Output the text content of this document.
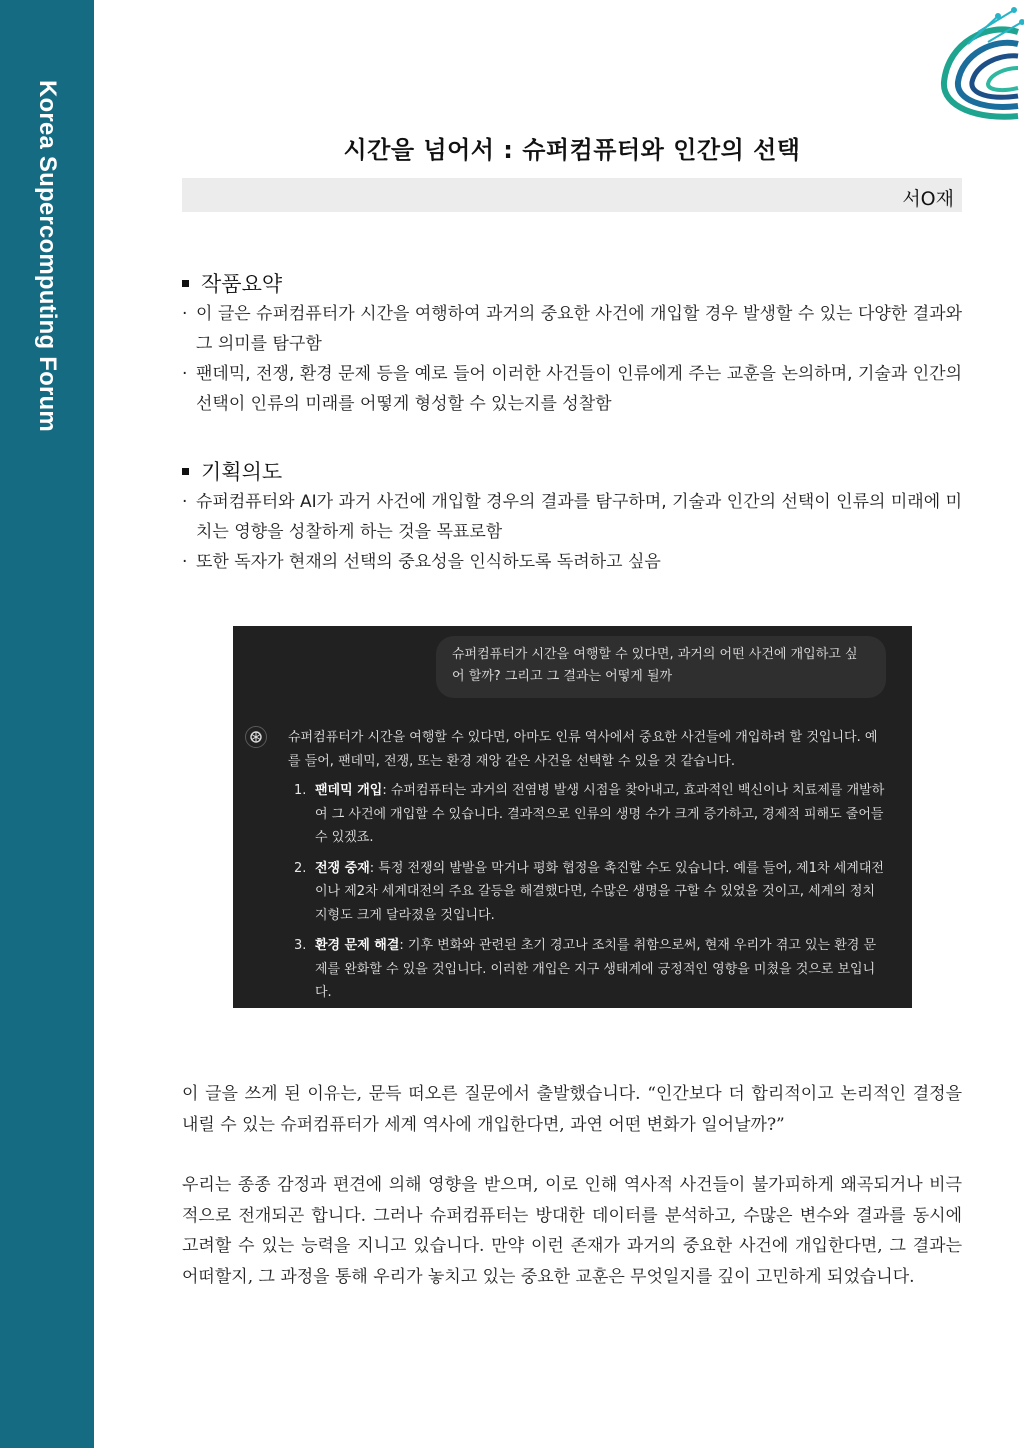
Korea Supercomputing Forum	시간을 넘어서 : 슈퍼컴퓨터와 인간의 선택
서O재
작품요약
· 이 글은 슈퍼컴퓨터가 시간을 여행하여 과거의 중요한 사건에 개입할 경우 발생할 수 있는 다양한 결과와 그 의미를 탐구함
· 팬데믹, 전쟁, 환경 문제 등을 예로 들어 이러한 사건들이 인류에게 주는 교훈을 논의하며, 기술과 인간의 선택이 인류의 미래를 어떻게 형성할 수 있는지를 성찰함
기획의도
· 슈퍼컴퓨터와 AI가 과거 사건에 개입할 경우의 결과를 탐구하며, 기술과 인간의 선택이 인류의 미래에 미치는 영향을 성찰하게 하는 것을 목표로함
· 또한 독자가 현재의 선택의 중요성을 인식하도록 독려하고 싶음
슈퍼컴퓨터가 시간을 여행할 수 있다면, 과거의 어떤 사건에 개입하고 싶어 할까? 그리고 그 결과는 어떻게 될까

슈퍼컴퓨터가 시간을 여행할 수 있다면, 아마도 인류 역사에서 중요한 사건들에 개입하려 할 것입니다. 예를 들어, 팬데믹, 전쟁, 또는 환경 재앙 같은 사건을 선택할 수 있을 것 같습니다.

1. 팬데믹 개입: 슈퍼컴퓨터는 과거의 전염병 발생 시점을 찾아내고, 효과적인 백신이나 치료제를 개발하여 그 사건에 개입할 수 있습니다. 결과적으로 인류의 생명 수가 크게 증가하고, 경제적 피해도 줄어들 수 있겠죠.
2. 전쟁 중재: 특정 전쟁의 발발을 막거나 평화 협정을 촉진할 수도 있습니다. 예를 들어, 제1차 세계대전이나 제2차 세계대전의 주요 갈등을 해결했다면, 수많은 생명을 구할 수 있었을 것이고, 세계의 정치 지형도 크게 달라졌을 것입니다.
3. 환경 문제 해결: 기후 변화와 관련된 초기 경고나 조치를 취함으로써, 현재 우리가 겪고 있는 환경 문제를 완화할 수 있을 것입니다. 이러한 개입은 지구 생태계에 긍정적인 영향을 미쳤을 것으로 보입니다.

이 글을 쓰게 된 이유는, 문득 떠오른 질문에서 출발했습니다. “인간보다 더 합리적이고 논리적인 결정을 내릴 수 있는 슈퍼컴퓨터가 세계 역사에 개입한다면, 과연 어떤 변화가 일어날까?”

우리는 종종 감정과 편견에 의해 영향을 받으며, 이로 인해 역사적 사건들이 불가피하게 왜곡되거나 비극적으로 전개되곤 합니다. 그러나 슈퍼컴퓨터는 방대한 데이터를 분석하고, 수많은 변수와 결과를 동시에 고려할 수 있는 능력을 지니고 있습니다. 만약 이런 존재가 과거의 중요한 사건에 개입한다면, 그 결과는 어떠할지, 그 과정을 통해 우리가 놓치고 있는 중요한 교훈은 무엇일지를 깊이 고민하게 되었습니다.
